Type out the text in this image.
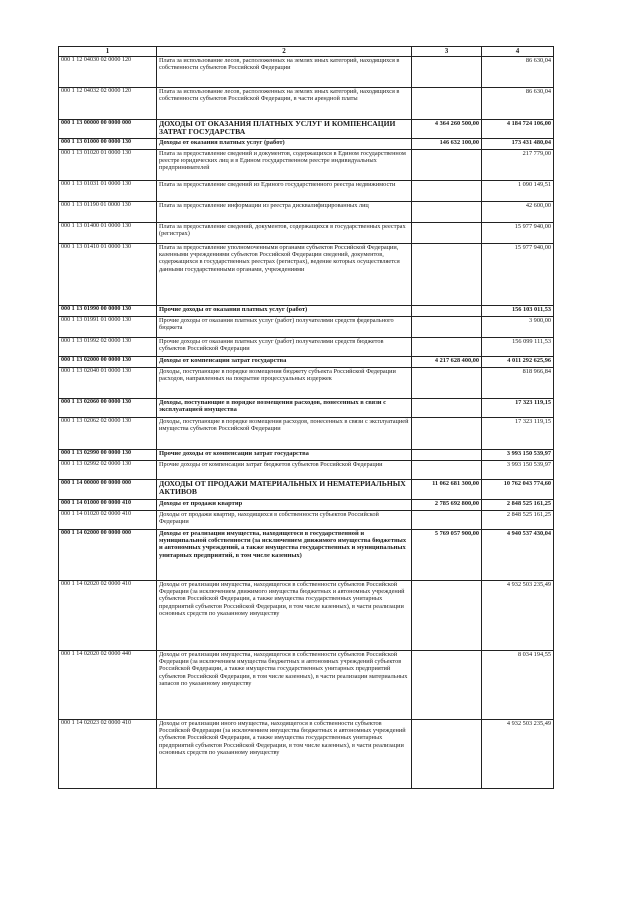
1	2	3	4
000 1 12 04030 02 0000 120	Плата за использование лесов, расположенных на землях иных категорий, находящихся в собственности субъектов Российской Федерации		86 630,04
000 1 12 04032 02 0000 120	Плата за использование лесов, расположенных на землях иных категорий, находящихся в собственности субъектов Российской Федерации, в части арендной платы		86 630,04
000 1 13 00000 00 0000 000	ДОХОДЫ ОТ ОКАЗАНИЯ ПЛАТНЫХ УСЛУГ И КОМПЕНСАЦИИ ЗАТРАТ ГОСУДАРСТВА	4 364 260 500,00	4 184 724 106,00
000 1 13 01000 00 0000 130	Доходы от оказания платных услуг (работ)	146 632 100,00	173 431 480,04
000 1 13 01020 01 0000 130	Плата за предоставление сведений и документов, содержащихся в Едином государственном реестре юридических лиц и в Едином государственном реестре индивидуальных предпринимателей		217 779,00
000 1 13 01031 01 0000 130	Плата за предоставление сведений из Единого государственного реестра недвижимости		1 090 149,51
000 1 13 01190 01 0000 130	Плата за предоставление информации из реестра дисквалифицированных лиц		42 600,00
000 1 13 01400 01 0000 130	Плата за предоставление сведений, документов, содержащихся в государственных реестрах (регистрах)		15 977 940,00
000 1 13 01410 01 0000 130	Плата за предоставление уполномоченными органами субъектов Российской Федерации, казенными учреждениями субъектов Российской Федерации сведений, документов, содержащихся в государственных реестрах (регистрах), ведение которых осуществляется данными государственными органами, учреждениями		15 977 940,00
000 1 13 01990 00 0000 130	Прочие доходы от оказания платных услуг (работ)		156 103 011,53
000 1 13 01991 01 0000 130	Прочие доходы от оказания платных услуг (работ) получателями средств федерального бюджета		3 900,00
000 1 13 01992 02 0000 130	Прочие доходы от оказания платных услуг (работ) получателями средств бюджетов субъектов Российской Федерации		156 099 111,53
000 1 13 02000 00 0000 130	Доходы от компенсации затрат государства	4 217 628 400,00	4 011 292 625,96
000 1 13 02040 01 0000 130	Доходы, поступающие в порядке возмещения бюджету субъекта Российской Федерации расходов, направленных на покрытие процессуальных издержек		818 966,84
000 1 13 02060 00 0000 130	Доходы, поступающие в порядке возмещения расходов, понесенных в связи с эксплуатацией имущества		17 323 119,15
000 1 13 02062 02 0000 130	Доходы, поступающие в порядке возмещения расходов, понесенных в связи с эксплуатацией имущества субъектов Российской Федерации		17 323 119,15
000 1 13 02990 00 0000 130	Прочие доходы от компенсации затрат государства		3 993 150 539,97
000 1 13 02992 02 0000 130	Прочие доходы от компенсации затрат бюджетов субъектов Российской Федерации		3 993 150 539,97
000 1 14 00000 00 0000 000	ДОХОДЫ ОТ ПРОДАЖИ МАТЕРИАЛЬНЫХ И НЕМАТЕРИАЛЬНЫХ АКТИВОВ	11 062 681 300,00	10 762 043 774,60
000 1 14 01000 00 0000 410	Доходы от продажи квартир	2 785 692 800,00	2 848 525 161,25
000 1 14 01020 02 0000 410	Доходы от продажи квартир, находящихся в собственности субъектов Российской Федерации		2 848 525 161,25
000 1 14 02000 00 0000 000	Доходы от реализации имущества, находящегося в государственной и муниципальной собственности (за исключением движимого имущества бюджетных и автономных учреждений, а также имущества государственных и муниципальных унитарных предприятий, в том числе казенных)	5 769 057 900,00	4 940 537 430,04
000 1 14 02020 02 0000 410	Доходы от реализации имущества, находящегося в собственности субъектов Российской Федерации (за исключением движимого имущества бюджетных и автономных учреждений субъектов Российской Федерации, а также имущества государственных унитарных предприятий субъектов Российской Федерации, в том числе казенных), в части реализации основных средств по указанному имуществу		4 932 503 235,49
000 1 14 02020 02 0000 440	Доходы от реализации имущества, находящегося в собственности субъектов Российской Федерации (за исключением имущества бюджетных и автономных учреждений субъектов Российской Федерации, а также имущества государственных унитарных предприятий субъектов Российской Федерации, в том числе казенных), в части реализации материальных запасов по указанному имуществу		8 034 194,55
000 1 14 02023 02 0000 410	Доходы от реализации иного имущества, находящегося в собственности субъектов Российской Федерации (за исключением имущества бюджетных и автономных учреждений субъектов Российской Федерации, а также имущества государственных унитарных предприятий субъектов Российской Федерации, в том числе казенных), в части реализации основных средств по указанному имуществу		4 932 503 235,49
